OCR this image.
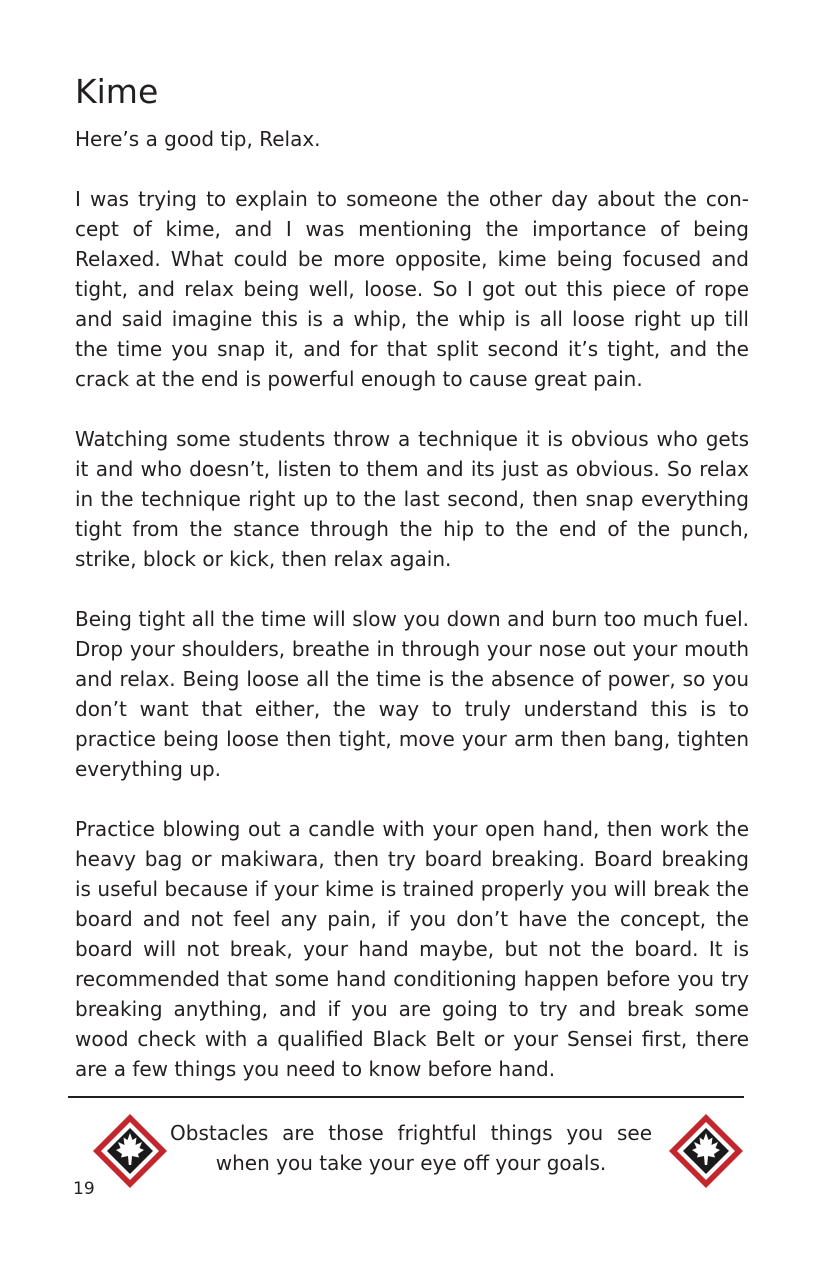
Kime

Here’s a good tip, Relax.

I was trying to explain to someone the other day about the concept of kime, and I was mentioning the importance of being Relaxed. What could be more opposite, kime being focused and tight, and relax being well, loose. So I got out this piece of rope and said imagine this is a whip, the whip is all loose right up till the time you snap it, and for that split second it’s tight, and the crack at the end is powerful enough to cause great pain.

Watching some students throw a technique it is obvious who gets it and who doesn’t, listen to them and its just as obvious. So relax in the technique right up to the last second, then snap everything tight from the stance through the hip to the end of the punch, strike, block or kick, then relax again.

Being tight all the time will slow you down and burn too much fuel. Drop your shoulders, breathe in through your nose out your mouth and relax. Being loose all the time is the absence of power, so you don’t want that either, the way to truly understand this is to practice being loose then tight, move your arm then bang, tighten everything up.

Practice blowing out a candle with your open hand, then work the heavy bag or makiwara, then try board breaking. Board breaking is useful because if your kime is trained properly you will break the board and not feel any pain, if you don’t have the concept, the board will not break, your hand maybe, but not the board. It is recommended that some hand conditioning happen before you try breaking anything, and if you are going to try and break some wood check with a qualified Black Belt or your Sensei first, there are a few things you need to know before hand.

Obstacles are those frightful things you see
when you take your eye off your goals.

19
